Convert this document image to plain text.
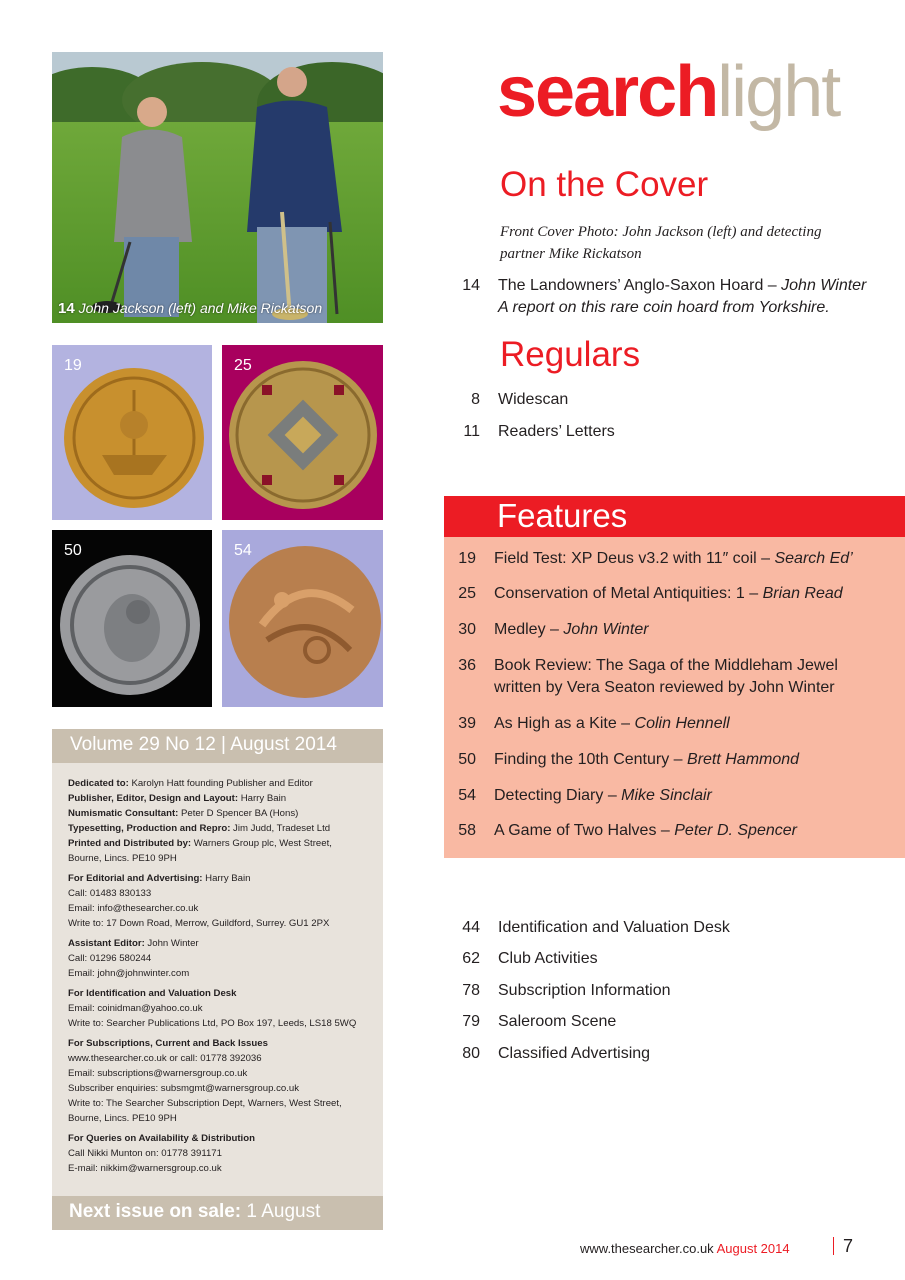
14 John Jackson (left) and Mike Rickatson
19	25
50	54
Volume 29 No 12 | August 2014
Dedicated to: Karolyn Hatt founding Publisher and Editor
Publisher, Editor, Design and Layout: Harry Bain
Numismatic Consultant: Peter D Spencer BA (Hons)
Typesetting, Production and Repro: Jim Judd, Tradeset Ltd
Printed and Distributed by: Warners Group plc, West Street, Bourne, Lincs. PE10 9PH
For Editorial and Advertising: Harry Bain
Call: 01483 830133
Email: info@thesearcher.co.uk
Write to: 17 Down Road, Merrow, Guildford, Surrey. GU1 2PX
Assistant Editor: John Winter
Call: 01296 580244
Email: john@johnwinter.com
For Identification and Valuation Desk
Email: coinidman@yahoo.co.uk
Write to: Searcher Publications Ltd, PO Box 197, Leeds, LS18 5WQ
For Subscriptions, Current and Back Issues
www.thesearcher.co.uk or call: 01778 392036
Email: subscriptions@warnersgroup.co.uk
Subscriber enquiries: subsmgmt@warnersgroup.co.uk
Write to: The Searcher Subscription Dept, Warners, West Street, Bourne, Lincs. PE10 9PH
For Queries on Availability & Distribution
Call Nikki Munton on: 01778 391171
E-mail: nikkim@warnersgroup.co.uk
Next issue on sale: 1 August
searchlight
On the Cover
Front Cover Photo: John Jackson (left) and detecting partner Mike Rickatson
14 The Landowners’ Anglo-Saxon Hoard – John Winter
A report on this rare coin hoard from Yorkshire.
Regulars
8 Widescan
11 Readers’ Letters
Features
19 Field Test: XP Deus v3.2 with 11″ coil – Search Ed’
25 Conservation of Metal Antiquities: 1 – Brian Read
30 Medley – John Winter
36 Book Review: The Saga of the Middleham Jewel
written by Vera Seaton reviewed by John Winter
39 As High as a Kite – Colin Hennell
50 Finding the 10th Century – Brett Hammond
54 Detecting Diary – Mike Sinclair
58 A Game of Two Halves – Peter D. Spencer
44 Identification and Valuation Desk
62 Club Activities
78 Subscription Information
79 Saleroom Scene
80 Classified Advertising
www.thesearcher.co.uk August 2014	7
